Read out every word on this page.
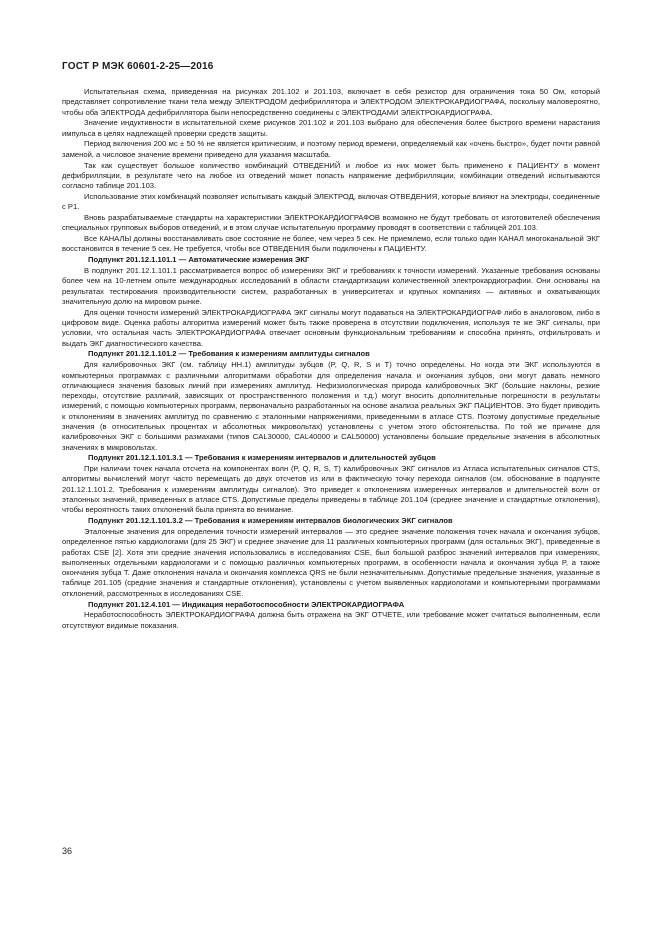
ГОСТ Р МЭК 60601-2-25—2016

Испытательная схема, приведенная на рисунках 201.102 и 201.103, включает в себя резистор для ограничения тока 50 Ом, который представляет сопротивление ткани тела между ЭЛЕКТРОДОМ дефибриллятора и ЭЛЕКТРОДОМ ЭЛЕКТРОКАРДИОГРАФА, поскольку маловероятно, чтобы оба ЭЛЕКТРОДА дефибриллятора были непосредственно соединены с ЭЛЕКТРОДАМИ ЭЛЕКТРОКАРДИОГРАФА.

Значение индуктивности в испытательной схеме рисунков 201.102 и 201.103 выбрано для обеспечения более быстрого времени нарастания импульса в целях надлежащей проверки средств защиты.

Период включения 200 мс ± 50 % не является критическим, и поэтому период времени, определяемый как «очень быстро», будет почти равной заменой, а числовое значение времени приведено для указания масштаба.

Так как существует большое количество комбинаций ОТВЕДЕНИЙ и любое из них может быть применено к ПАЦИЕНТУ в момент дефибрилляции, в результате чего на любое из отведений может попасть напряжение дефибрилляции, комбинации отведений испытываются согласно таблице 201.103.

Использование этих комбинаций позволяет испытывать каждый ЭЛЕКТРОД, включая ОТВЕДЕНИЯ, которые влияют на электроды, соединенные с Р1.

Вновь разрабатываемые стандарты на характеристики ЭЛЕКТРОКАРДИОГРАФОВ возможно не будут требовать от изготовителей обеспечения специальных групповых выборов отведений, и в этом случае испытательную программу проводят в соответствии с таблицей 201.103.

Все КАНАЛЫ должны восстанавливать свое состояние не более, чем через 5 сек. Не приемлемо, если только один КАНАЛ многоканальной ЭКГ восстановится в течение 5 сек. Не требуется, чтобы все ОТВЕДЕНИЯ были подключены к ПАЦИЕНТУ.

Подпункт 201.12.1.101.1 — Автоматические измерения ЭКГ

В подпункт 201.12.1.101.1 рассматривается вопрос об измерениях ЭКГ и требованиях к точности измерений. Указанные требования основаны более чем на 10-летнем опыте международных исследований в области стандартизации количественной электрокардиографии. Они основаны на результатах тестирования производительности систем, разработанных в университетах и крупных компаниях — активных и охватывающих значительную долю на мировом рынке.

Для оценки точности измерений ЭЛЕКТРОКАРДИОГРАФА ЭКГ сигналы могут подаваться на ЭЛЕКТРОКАРДИОГРАФ либо в аналоговом, либо в цифровом виде. Оценка работы алгоритма измерений может быть также проверена в отсутствии подключения, используя те же ЭКГ сигналы, при условии, что остальная часть ЭЛЕКТРОКАРДИОГРАФА отвечает основным функциональным требованиям и способна принять, отфильтровать и выдать ЭКГ диагностического качества.

Подпункт 201.12.1.101.2 — Требования к измерениям амплитуды сигналов

Для калибровочных ЭКГ (см. таблицу НН.1) амплитуды зубцов (P, Q, R, S и T) точно определены. Но когда эти ЭКГ используются в компьютерных программах с различными алгоритмами обработки для определения начала и окончания зубцов, они могут давать немного отличающиеся значения базовых линий при измерениях амплитуд. Нефизиологическая природа калибровочных ЭКГ (большие наклоны, резкие переходы, отсутствие различий, зависящих от пространственного положения и т.д.) могут вносить дополнительные погрешности в результаты измерений, с помощью компьютерных программ, первоначально разработанных на основе анализа реальных ЭКГ ПАЦИЕНТОВ. Это будет приводить к отклонениям в значениях амплитуд по сравнению с эталонными напряжениями, приведенными в атласе CTS. Поэтому допустимые предельные значения (в относительных процентах и абсолютных микровольтах) установлены с учетом этого обстоятельства. По той же причине для калибровочных ЭКГ с большими размахами (типов CAL30000, CAL40000 и CAL50000) установлены большие предельные значения в абсолютных значениях в микровольтах.

Подпункт 201.12.1.101.3.1 — Требования к измерениям интервалов и длительностей зубцов

При наличии точек начала отсчета на компонентах волн (P, Q, R, S, T) калибровочных ЭКГ сигналов из Атласа испытательных сигналов CTS, алгоритмы вычислений могут часто перемещать до двух отсчетов из или в фактическую точку перехода сигналов (см. обоснование в подпункте 201.12.1.101.2. Требования к измерениям амплитуды сигналов). Это приведет к отклонениям измеренных интервалов и длительностей волн от эталонных значений, приведенных в атласе CTS. Допустимые пределы приведены в таблице 201.104 (среднее значение и стандартные отклонения), чтобы вероятность таких отклонений была принята во внимание.

Подпункт 201.12.1.101.3.2 — Требования к измерениям интервалов биологических ЭКГ сигналов

Эталонные значения для определения точности измерений интервалов — это среднее значение положения точек начала и окончания зубцов, определенное пятью кардиологами (для 25 ЭКГ) и среднее значение для 11 различных компьютерных программ (для остальных ЭКГ), приведенные в работах CSE [2]. Хотя эти средние значения использовались в исследованиях CSE, был большой разброс значений интервалов при измерениях, выполненных отдельными кардиологами и с помощью различных компьютерных программ, в особенности начала и окончания зубца P, а также окончания зубца T. Даже отклонения начала и окончания комплекса QRS не были незначительными. Допустимые предельные значения, указанные в таблице 201.105 (средние значения и стандартные отклонения), установлены с учетом выявленных кардиологами и компьютерными программами отклонений, рассмотренных в исследованиях CSE.

Подпункт 201.12.4.101 — Индикация неработоспособности ЭЛЕКТРОКАРДИОГРАФА

Неработоспособность ЭЛЕКТРОКАРДИОГРАФА должна быть отражена на ЭКГ ОТЧЕТЕ, или требование может считаться выполненным, если отсутствуют видимые показания.

36
